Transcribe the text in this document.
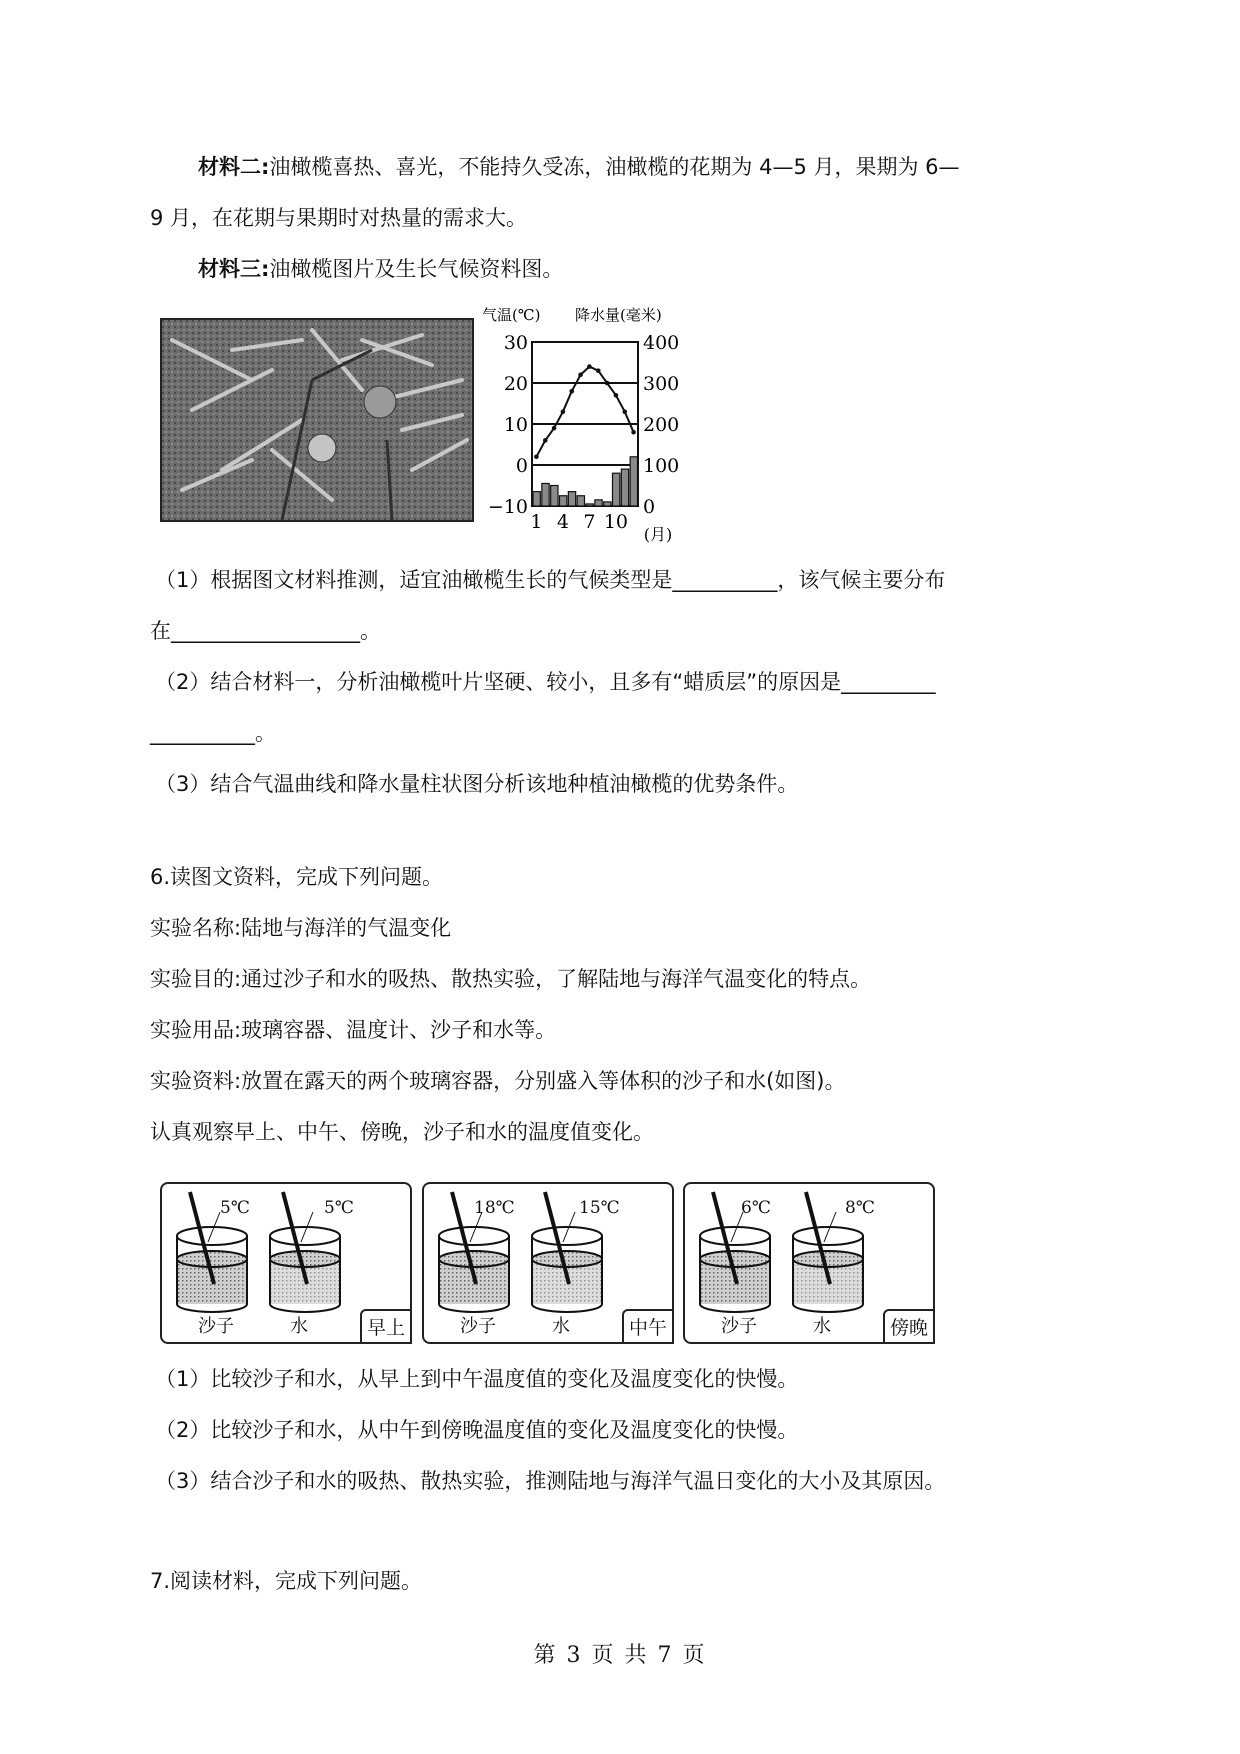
材料二:油橄榄喜热、喜光，不能持久受冻，油橄榄的花期为 4—5 月，果期为 6—
9 月，在花期与果期时对热量的需求大。
材料三:油橄榄图片及生长气候资料图。
气温(℃) 降水量(毫米)
30
20
10
0
−10
400
300
200
100
0
1 4 7 10
(月)
（1）根据图文材料推测，适宜油橄榄生长的气候类型是__________，该气候主要分布
在__________________。
（2）结合材料一，分析油橄榄叶片坚硬、较小，且多有“蜡质层”的原因是_________
__________。
（3）结合气温曲线和降水量柱状图分析该地种植油橄榄的优势条件。
6.读图文资料，完成下列问题。
实验名称:陆地与海洋的气温变化
实验目的:通过沙子和水的吸热、散热实验，了解陆地与海洋气温变化的特点。
实验用品:玻璃容器、温度计、沙子和水等。
实验资料:放置在露天的两个玻璃容器，分别盛入等体积的沙子和水(如图)。
认真观察早上、中午、傍晚，沙子和水的温度值变化。
5℃	5℃
沙子	水	早上
18℃	15℃
沙子	水	中午
6℃	8℃
沙子	水	傍晚
（1）比较沙子和水，从早上到中午温度值的变化及温度变化的快慢。
（2）比较沙子和水，从中午到傍晚温度值的变化及温度变化的快慢。
（3）结合沙子和水的吸热、散热实验，推测陆地与海洋气温日变化的大小及其原因。
7.阅读材料，完成下列问题。
第 3 页 共 7 页
